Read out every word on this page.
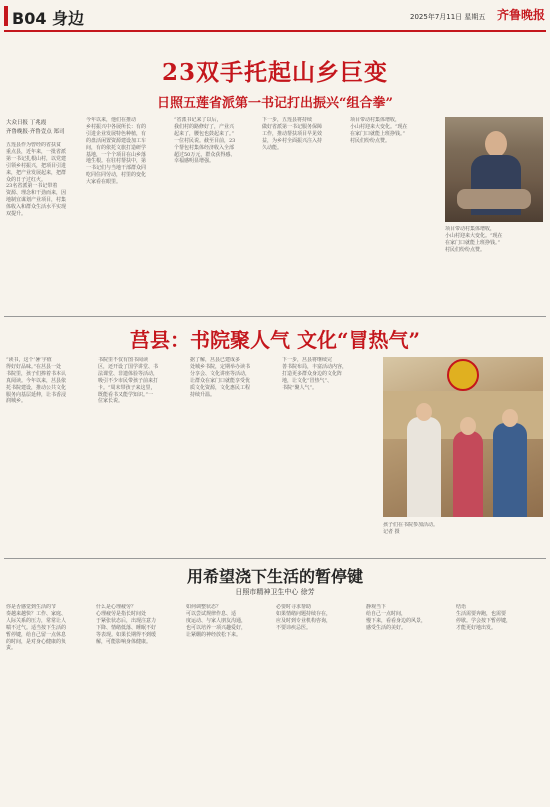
B04 身边	2025年7月11日 星期五 齐鲁晚报
23双手托起山乡巨变
日照五莲省派第一书记打出振兴“组合拳”
大众日报 丁兆霞
齐鲁晚报·齐鲁壹点 郑司
五莲县作为曾经的省扶贫
重点县，近年来，一批省派
第一书记扎根山村，以党建
引领乡村振兴，把项目引进
来，把产业发展起来，把群
众的日子过红火。
23名省派第一书记带着
资源、理念和干劲而来，因
地制宜谋划产业项目，村集
体收入和群众生活水平实现
双提升。
今年以来，他们在推动
乡村振兴中各展所长：有的
引进企业发展特色种植，有
的盘活闲置资源建设加工车
间，有的依托文旅打造研学
基地，一个个项目在山乡落
地生根。在驻村帮扶中，第
一书记们与当地干部群众同
吃同住同劳动，村里的变化
大家看在眼里。
“省派书记来了以后，
我们村的路修好了，产业兴
起来了，腰包也鼓起来了。”
一位村民说。截至目前，23
个帮包村集体经济收入全部
超过50万元，群众获得感、
幸福感明显增强。
下一步，五莲县将持续
做好省派第一书记服务保障
工作，推动帮扶项目早见效
益，为乡村全面振兴注入持
久动能。
项目带动村集体增收，
小山村迎来大变化。“现在
在家门口就能上班挣钱。”
村民们纷纷点赞。
项目带动村集体增收，
小山村迎来大变化。“现在
在家门口就能上班挣钱。”
村民们纷纷点赞。
莒县：书院聚人气 文化“冒热气”
“读书，这个‘暑’字值
得好好品味。”在莒县一处
书院里，孩子们捧着书本认
真阅读。今年以来，莒县依
托书院建设，推动公共文化
服务向基层延伸，让书香浸
润城乡。
书院里不仅有图书阅读
区，还开设了国学讲堂、书
法课堂、非遗体验等活动，
吸引不少市民带孩子前来打
卡。“周末带孩子来这里，
既能看书又能学知识。”一
位家长说。
据了解，莒县已建成多
处城乡书院，定期举办读书
分享会、文化讲座等活动，
让群众在家门口就能享受优
质文化资源，文化惠民工程
持续升温。
下一步，莒县将继续完
善书院布局，丰富活动内容，
打造更多群众身边的文化阵
地，让文化“冒热气”、
书院“聚人气”。
孩子们在书院参加活动。
记者 摄
用希望浇下生活的暂停键
日照市精神卫生中心 徐芳
你是否感觉到生活的节
奏越来越快？工作、家庭、
人际关系的压力，常常让人
喘不过气。适当按下生活的
暂停键，给自己留一点休息
的时间，是对身心健康的负
责。
什么是心理疲劳？
心理疲劳是指长时间处
于紧张状态后，出现注意力
下降、情绪低落、睡眠不好
等表现。如果长期得不到缓
解，可能影响身体健康。
如何调整状态？
可以尝试规律作息、适
度运动、与家人朋友沟通，
也可以培养一项兴趣爱好，
让紧绷的神经放松下来。
必要时寻求帮助
如果情绪问题持续存在，
应及时到专业机构咨询，
不要讳疾忌医。
静观当下
给自己一点时间，
慢下来，看看身边的风景，
感受生活的美好。
结语
生活需要奔跑，也需要
停歇。学会按下暂停键，
才能更好地出发。
